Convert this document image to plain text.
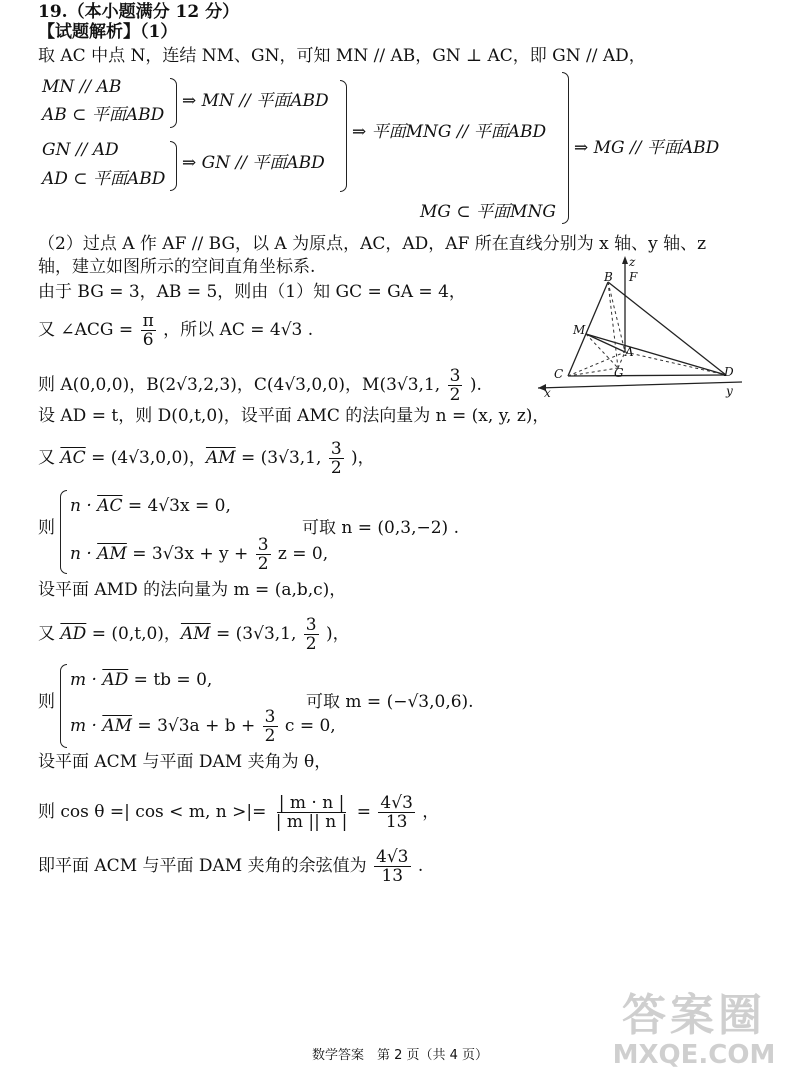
19.（本小题满分 12 分）
【试题解析】（1）
取 AC 中点 N，连结 NM、GN，可知 MN // AB，GN ⊥ AC，即 GN // AD，
MN // AB
AB ⊂ 平面ABD
⇒ MN // 平面ABD
GN // AD
AD ⊂ 平面ABD
⇒ GN // 平面ABD
⇒ 平面MNG // 平面ABD
MG ⊂ 平面MNG
⇒ MG // 平面ABD
（2）过点 A 作 AF // BG，以 A 为原点，AC，AD，AF 所在直线分别为 x 轴、y 轴、z
轴，建立如图所示的空间直角坐标系.
由于 BG = 3，AB = 5，则由（1）知 GC = GA = 4，
又 ∠ACG = $\frac{\pi}{6}$ ，所以 AC = 4√3 .
则 A(0,0,0)，B(2√3,2,3)，C(4√3,0,0)，M(3√3,1, $\frac{3}{2}$ ).
设 AD = t，则 D(0,t,0)，设平面 AMC 的法向量为 n = (x, y, z)，
又 $\overline{AC} = (4√3,0,0)$，$\overline{AM} = (3√3,1$, $\frac{3}{2}$ )，
则
$n \cdot \overline{AC} = 4√3x = 0$,
$n \cdot \overline{AM} = 3√3x + y + \frac{3}{2}$ z = 0,
可取 n = (0,3,−2) .
设平面 AMD 的法向量为 m = (a,b,c)，
又 $\overline{AD} = (0,t,0)$，$\overline{AM} = (3√3,1$, $\frac{3}{2}$ )，
则
$m \cdot \overline{AD}$ = tb = 0,
$m \cdot \overline{AM} = 3√3a + b + \frac{3}{2}$ c = 0,
可取 m = (−√3,0,6).
设平面 ACM 与平面 DAM 夹角为 θ，
则 cos θ =| cos < m, n >|= $\frac{| m \cdot n |}{| m || n |} = \frac{4√3}{13}$ ，
即平面 ACM 与平面 DAM 夹角的余弦值为 $\frac{4√3}{13}$ .
B F
z
M
A
C	G	D
x	y
数学答案　第 2 页（共 4 页）
答案圈
MXQE.COM
